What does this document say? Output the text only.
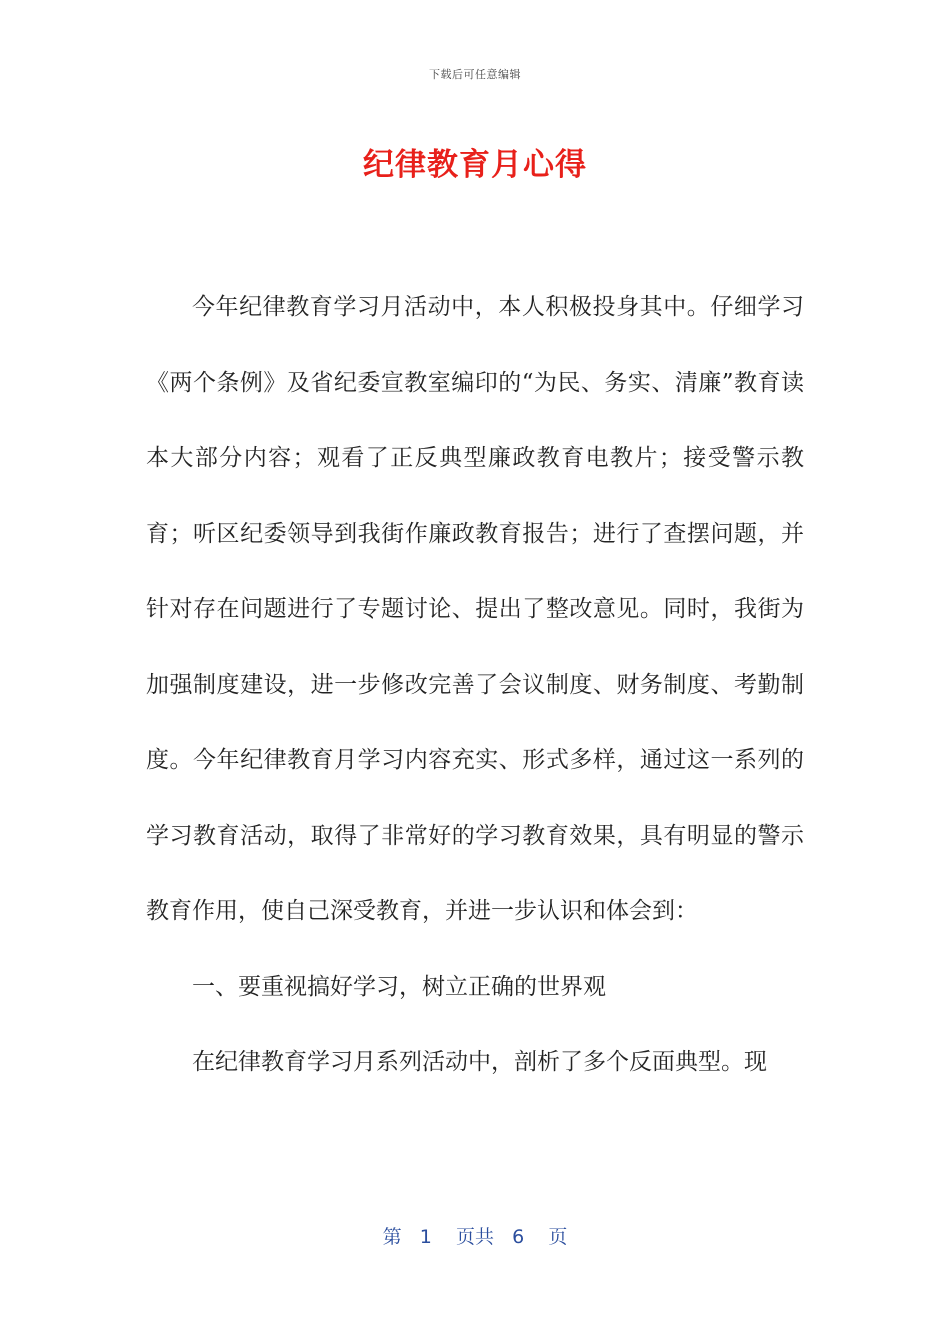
下载后可任意编辑
纪律教育月心得

今年纪律教育学习月活动中，本人积极投身其中。仔细学习《两个条例》及省纪委宣教室编印的“为民、务实、清廉”教育读本大部分内容；观看了正反典型廉政教育电教片；接受警示教育；听区纪委领导到我街作廉政教育报告；进行了查摆问题，并针对存在问题进行了专题讨论、提出了整改意见。同时，我街为加强制度建设，进一步修改完善了会议制度、财务制度、考勤制度。今年纪律教育月学习内容充实、形式多样，通过这一系列的学习教育活动，取得了非常好的学习教育效果，具有明显的警示教育作用，使自己深受教育，并进一步认识和体会到：

一、要重视搞好学习，树立正确的世界观

在纪律教育学习月系列活动中，剖析了多个反面典型。现

第 1 页共 6 页
